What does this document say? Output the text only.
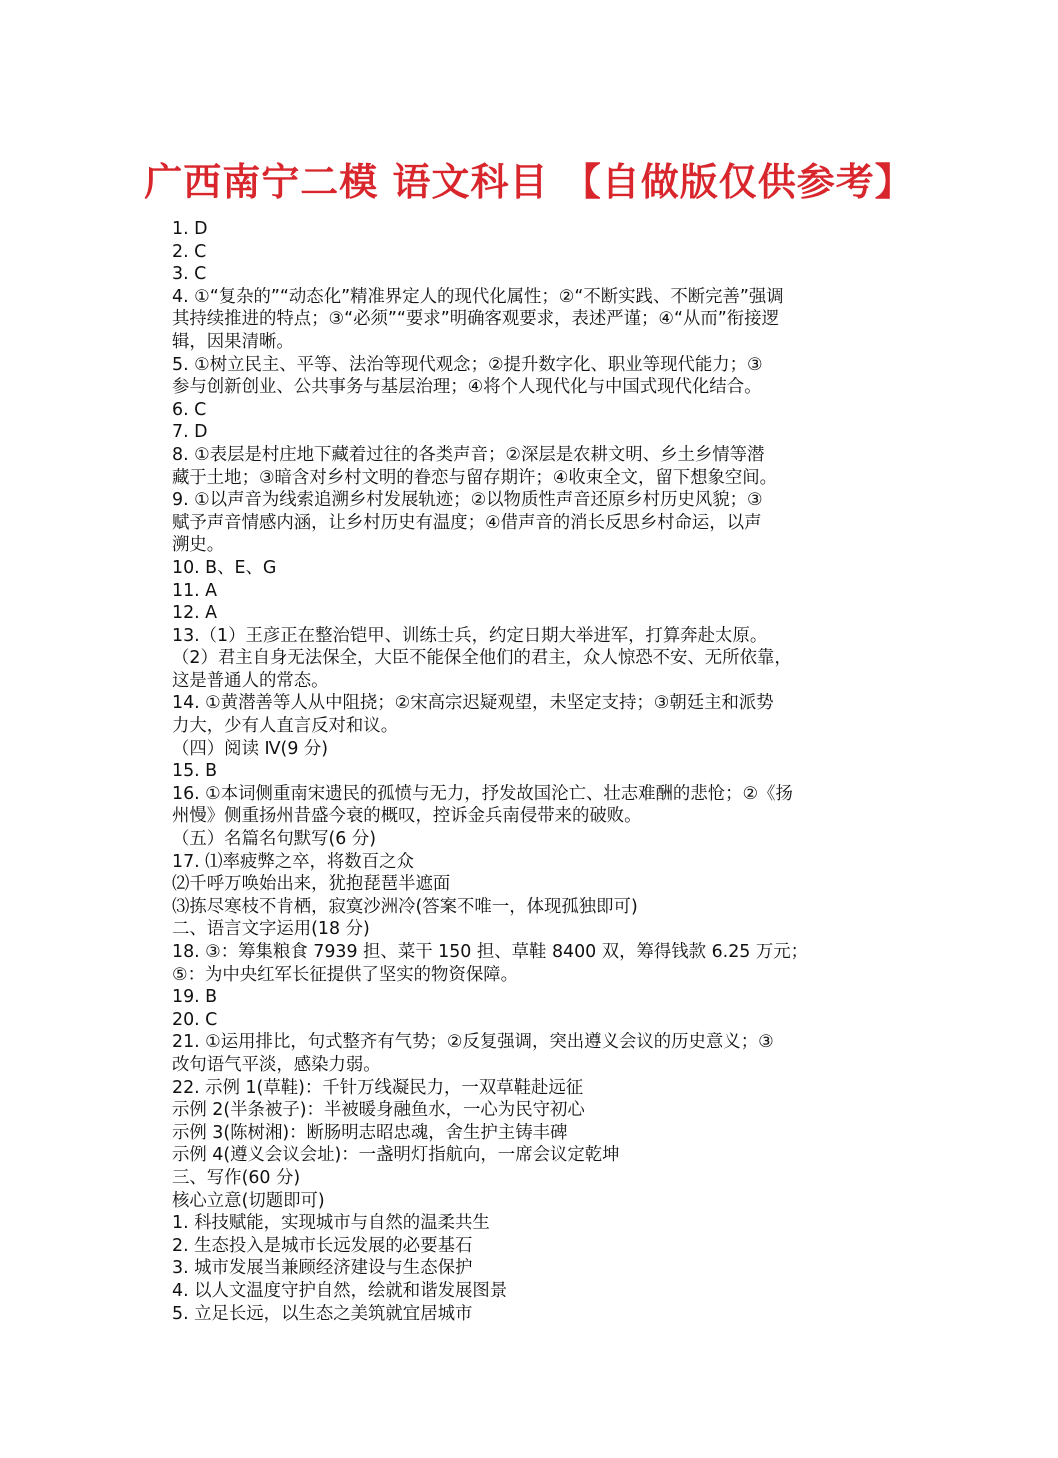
广西南宁二模 语文科目 【自做版仅供参考】
1. D
2. C
3. C
4. ①“复杂的”“动态化”精准界定人的现代化属性；②“不断实践、不断完善”强调
其持续推进的特点；③“必须”“要求”明确客观要求，表述严谨；④“从而”衔接逻
辑，因果清晰。
5. ①树立民主、平等、法治等现代观念；②提升数字化、职业等现代能力；③
参与创新创业、公共事务与基层治理；④将个人现代化与中国式现代化结合。
6. C
7. D
8. ①表层是村庄地下藏着过往的各类声音；②深层是农耕文明、乡土乡情等潜
藏于土地；③暗含对乡村文明的眷恋与留存期许；④收束全文，留下想象空间。
9. ①以声音为线索追溯乡村发展轨迹；②以物质性声音还原乡村历史风貌；③
赋予声音情感内涵，让乡村历史有温度；④借声音的消长反思乡村命运，以声
溯史。
10. B、E、G
11. A
12. A
13.（1）王彦正在整治铠甲、训练士兵，约定日期大举进军，打算奔赴太原。
（2）君主自身无法保全，大臣不能保全他们的君主，众人惊恐不安、无所依靠，
这是普通人的常态。
14. ①黄潜善等人从中阻挠；②宋高宗迟疑观望，未坚定支持；③朝廷主和派势
力大，少有人直言反对和议。
（四）阅读 Ⅳ(9 分)
15. B
16. ①本词侧重南宋遗民的孤愤与无力，抒发故国沦亡、壮志难酬的悲怆；②《扬
州慢》侧重扬州昔盛今衰的概叹，控诉金兵南侵带来的破败。
（五）名篇名句默写(6 分)
17. ⑴率疲弊之卒，将数百之众
⑵千呼万唤始出来，犹抱琵琶半遮面
⑶拣尽寒枝不肯栖，寂寞沙洲冷(答案不唯一，体现孤独即可)
二、语言文字运用(18 分)
18. ③：筹集粮食 7939 担、菜干 150 担、草鞋 8400 双，筹得钱款 6.25 万元；
⑤：为中央红军长征提供了坚实的物资保障。
19. B
20. C
21. ①运用排比，句式整齐有气势；②反复强调，突出遵义会议的历史意义；③
改句语气平淡，感染力弱。
22. 示例 1(草鞋)：千针万线凝民力，一双草鞋赴远征
示例 2(半条被子)：半被暖身融鱼水，一心为民守初心
示例 3(陈树湘)：断肠明志昭忠魂，舍生护主铸丰碑
示例 4(遵义会议会址)：一盏明灯指航向，一席会议定乾坤
三、写作(60 分)
核心立意(切题即可)
1. 科技赋能，实现城市与自然的温柔共生
2. 生态投入是城市长远发展的必要基石
3. 城市发展当兼顾经济建设与生态保护
4. 以人文温度守护自然，绘就和谐发展图景
5. 立足长远，以生态之美筑就宜居城市
